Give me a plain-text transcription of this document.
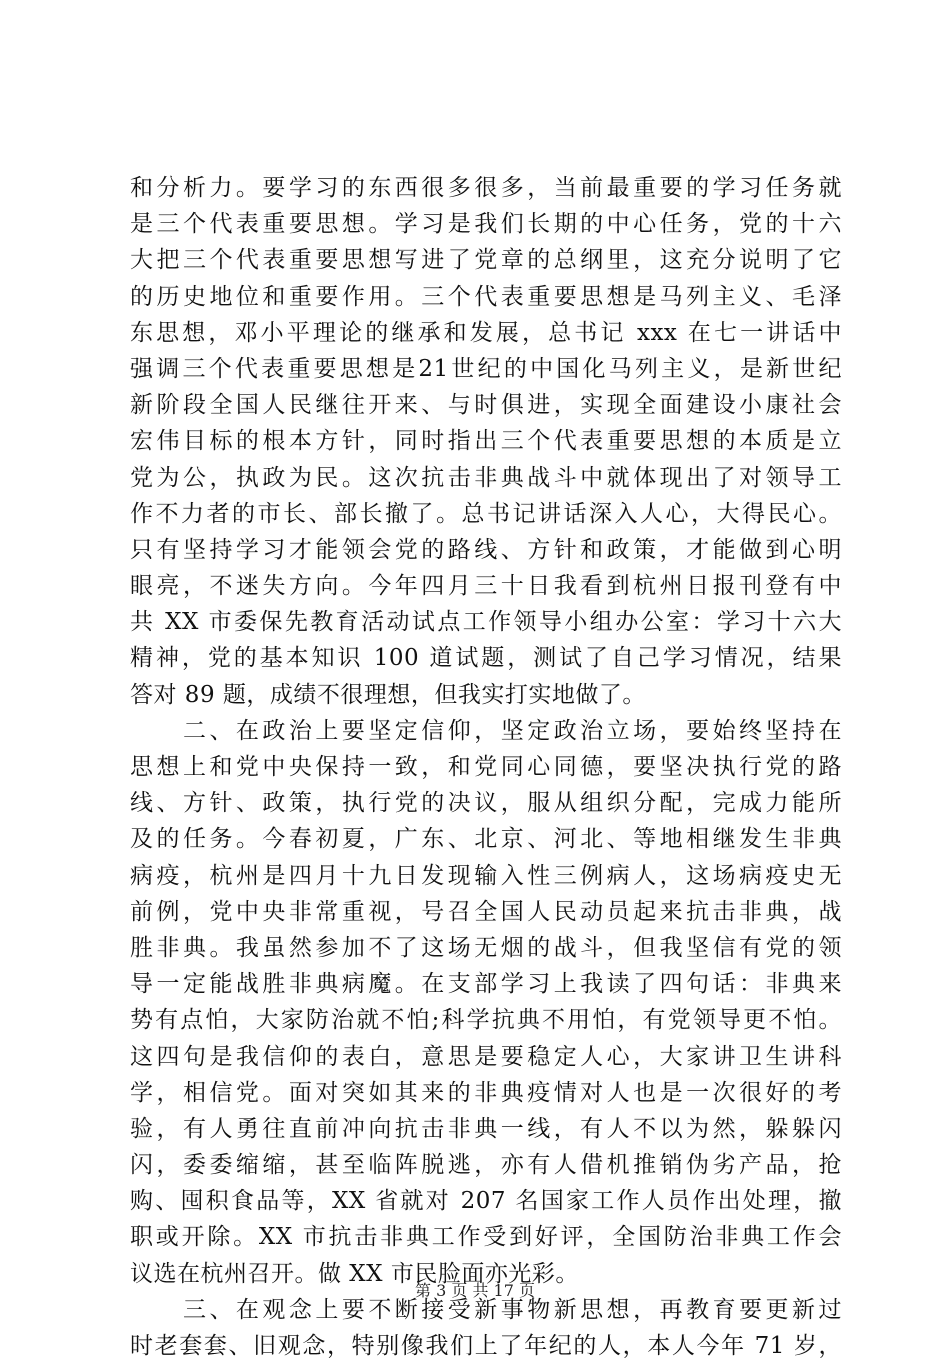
和分析力。要学习的东西很多很多，当前最重要的学习任务就
是三个代表重要思想。学习是我们长期的中心任务，党的十六
大把三个代表重要思想写进了党章的总纲里，这充分说明了它
的历史地位和重要作用。三个代表重要思想是马列主义、毛泽
东思想，邓小平理论的继承和发展，总书记 xxx 在七一讲话中
强调三个代表重要思想是21世纪的中国化马列主义，是新世纪
新阶段全国人民继往开来、与时俱进，实现全面建设小康社会
宏伟目标的根本方针，同时指出三个代表重要思想的本质是立
党为公，执政为民。这次抗击非典战斗中就体现出了对领导工
作不力者的市长、部长撤了。总书记讲话深入人心，大得民心。
只有坚持学习才能领会党的路线、方针和政策，才能做到心明
眼亮，不迷失方向。今年四月三十日我看到杭州日报刊登有中
共 XX 市委保先教育活动试点工作领导小组办公室：学习十六大
精神，党的基本知识 100 道试题，测试了自己学习情况，结果
答对 89 题，成绩不很理想，但我实打实地做了。
　　二、在政治上要坚定信仰，坚定政治立场，要始终坚持在
思想上和党中央保持一致，和党同心同德，要坚决执行党的路
线、方针、政策，执行党的决议，服从组织分配，完成力能所
及的任务。今春初夏，广东、北京、河北、等地相继发生非典
病疫，杭州是四月十九日发现输入性三例病人，这场病疫史无
前例，党中央非常重视，号召全国人民动员起来抗击非典，战
胜非典。我虽然参加不了这场无烟的战斗，但我坚信有党的领
导一定能战胜非典病魔。在支部学习上我读了四句话：非典来
势有点怕，大家防治就不怕;科学抗典不用怕，有党领导更不怕。
这四句是我信仰的表白，意思是要稳定人心，大家讲卫生讲科
学，相信党。面对突如其来的非典疫情对人也是一次很好的考
验，有人勇往直前冲向抗击非典一线，有人不以为然，躲躲闪
闪，委委缩缩，甚至临阵脱逃，亦有人借机推销伪劣产品，抢
购、囤积食品等，XX 省就对 207 名国家工作人员作出处理，撤
职或开除。XX 市抗击非典工作受到好评，全国防治非典工作会
议选在杭州召开。做 XX 市民脸面亦光彩。
　　三、在观念上要不断接受新事物新思想，再教育要更新过
时老套套、旧观念，特别像我们上了年纪的人，本人今年 71 岁，
第 3 页 共 17 页
